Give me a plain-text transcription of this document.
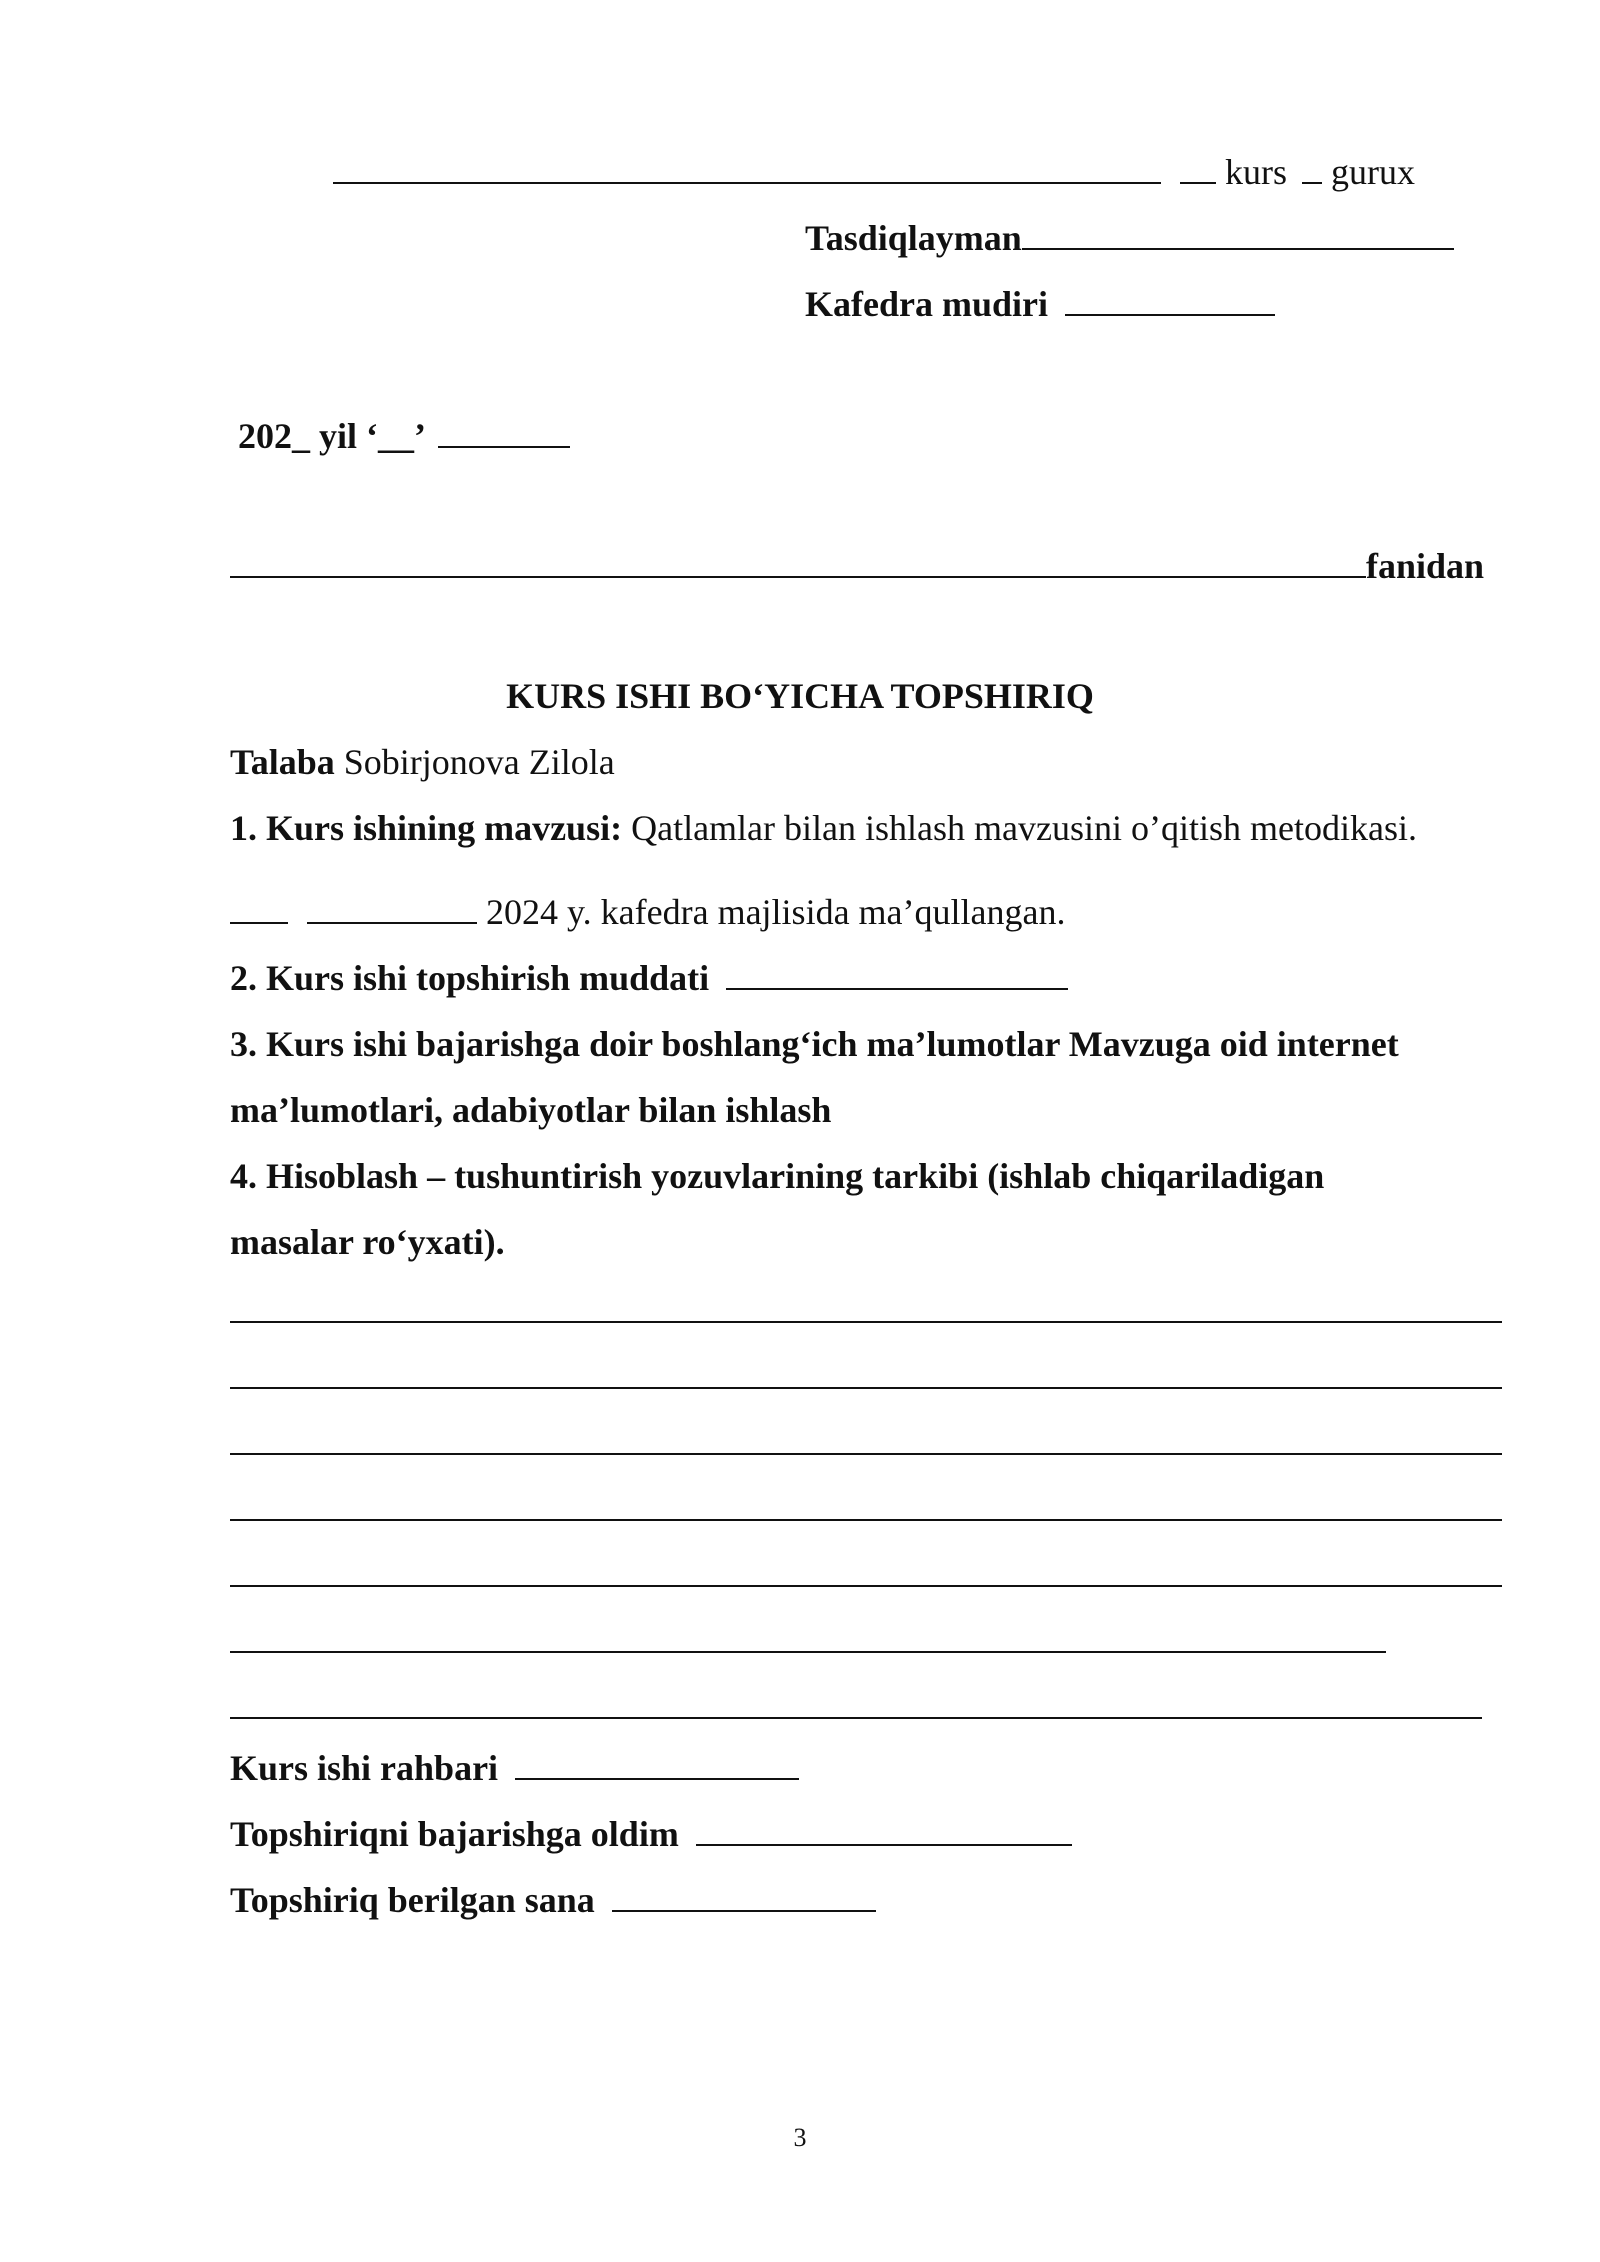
kurs gurux
Tasdiqlayman
Kafedra mudiri
202_ yil ‘__’
fanidan
KURS ISHI BO‘YICHA TOPSHIRIQ
Talaba Sobirjonova Zilola
1. Kurs ishining mavzusi: Qatlamlar bilan ishlash mavzusini o’qitish metodikasi.
2024 y. kafedra majlisida ma’qullangan.
2. Kurs ishi topshirish muddati
3. Kurs ishi bajarishga doir boshlang‘ich ma’lumotlar Mavzuga oid internet
ma’lumotlari, adabiyotlar bilan ishlash
4. Hisoblash – tushuntirish yozuvlarining tarkibi (ishlab chiqariladigan
masalar ro‘yxati).
Kurs ishi rahbari
Topshiriqni bajarishga oldim
Topshiriq berilgan sana
3
